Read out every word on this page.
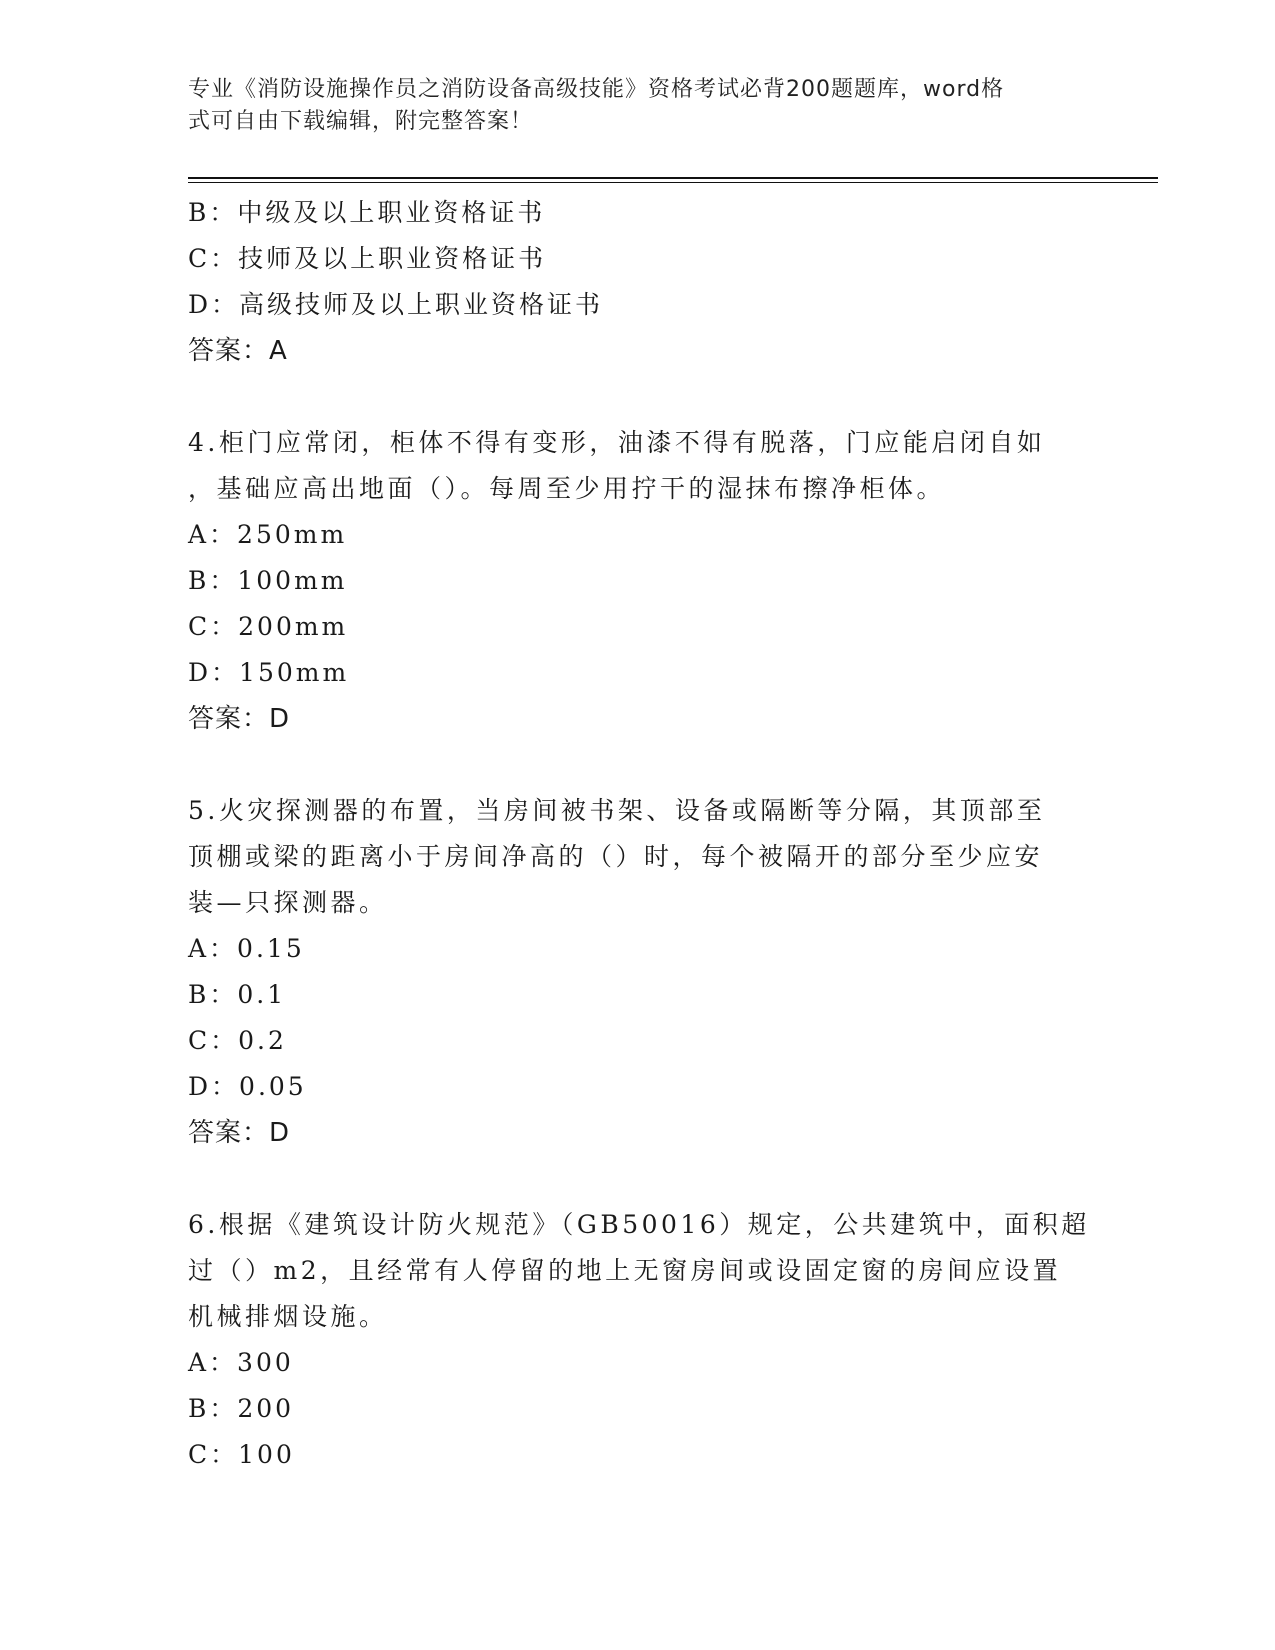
专业《消防设施操作员之消防设备高级技能》资格考试必背200题题库，word格
式可自由下载编辑，附完整答案！
B：中级及以上职业资格证书
C：技师及以上职业资格证书
D：高级技师及以上职业资格证书
答案：A
4.柜门应常闭，柜体不得有变形，油漆不得有脱落，门应能启闭自如
，基础应高出地面（）。每周至少用拧干的湿抹布擦净柜体。
A：250mm
B：100mm
C：200mm
D：150mm
答案：D
5.火灾探测器的布置，当房间被书架、设备或隔断等分隔，其顶部至
顶棚或梁的距离小于房间净高的（）时，每个被隔开的部分至少应安
装—只探测器。
A：0.15
B：0.1
C：0.2
D：0.05
答案：D
6.根据《建筑设计防火规范》（GB50016）规定，公共建筑中，面积超
过（）m2，且经常有人停留的地上无窗房间或设固定窗的房间应设置
机械排烟设施。
A：300
B：200
C：100
